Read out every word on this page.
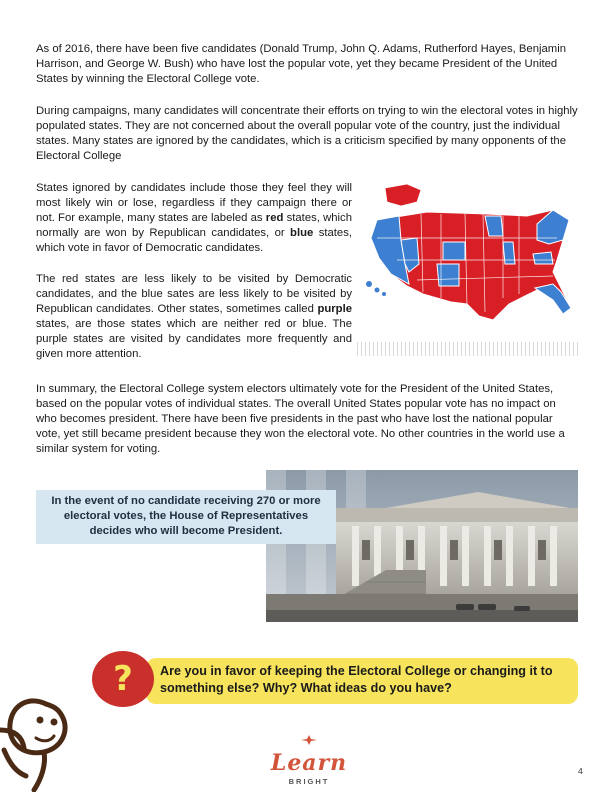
As of 2016, there have been five candidates (Donald Trump, John Q. Adams, Rutherford Hayes, Benjamin Harrison, and George W. Bush) who have lost the popular vote, yet they became President of the United States by winning the Electoral College vote.

During campaigns, many candidates will concentrate their efforts on trying to win the electoral votes in highly populated states. They are not concerned about the overall popular vote of the country, just the individual states. Many states are ignored by the candidates, which is a criticism specified by many opponents of the Electoral College

States ignored by candidates include those they feel they will most likely win or lose, regardless if they campaign there or not. For example, many states are labeled as red states, which normally are won by Republican candidates, or blue states, which vote in favor of Democratic candidates.

The red states are less likely to be visited by Democratic candidates, and the blue sates are less likely to be visited by Republican candidates. Other states, sometimes called purple states, are those states which are neither red or blue. The purple states are visited by candidates more frequently and given more attention.

In summary, the Electoral College system electors ultimately vote for the President of the United States, based on the popular votes of individual states. The overall United States popular vote has no impact on who becomes president. There have been five presidents in the past who have lost the national popular vote, yet still became president because they won the electoral vote. No other countries in the world use a similar system for voting.

In the event of no candidate receiving 270 or more electoral votes, the House of Representatives decides who will become President.
?	Are you in favor of keeping the Electoral College or changing it to something else? Why? What ideas do you have?

Learn
BRIGHT
4
